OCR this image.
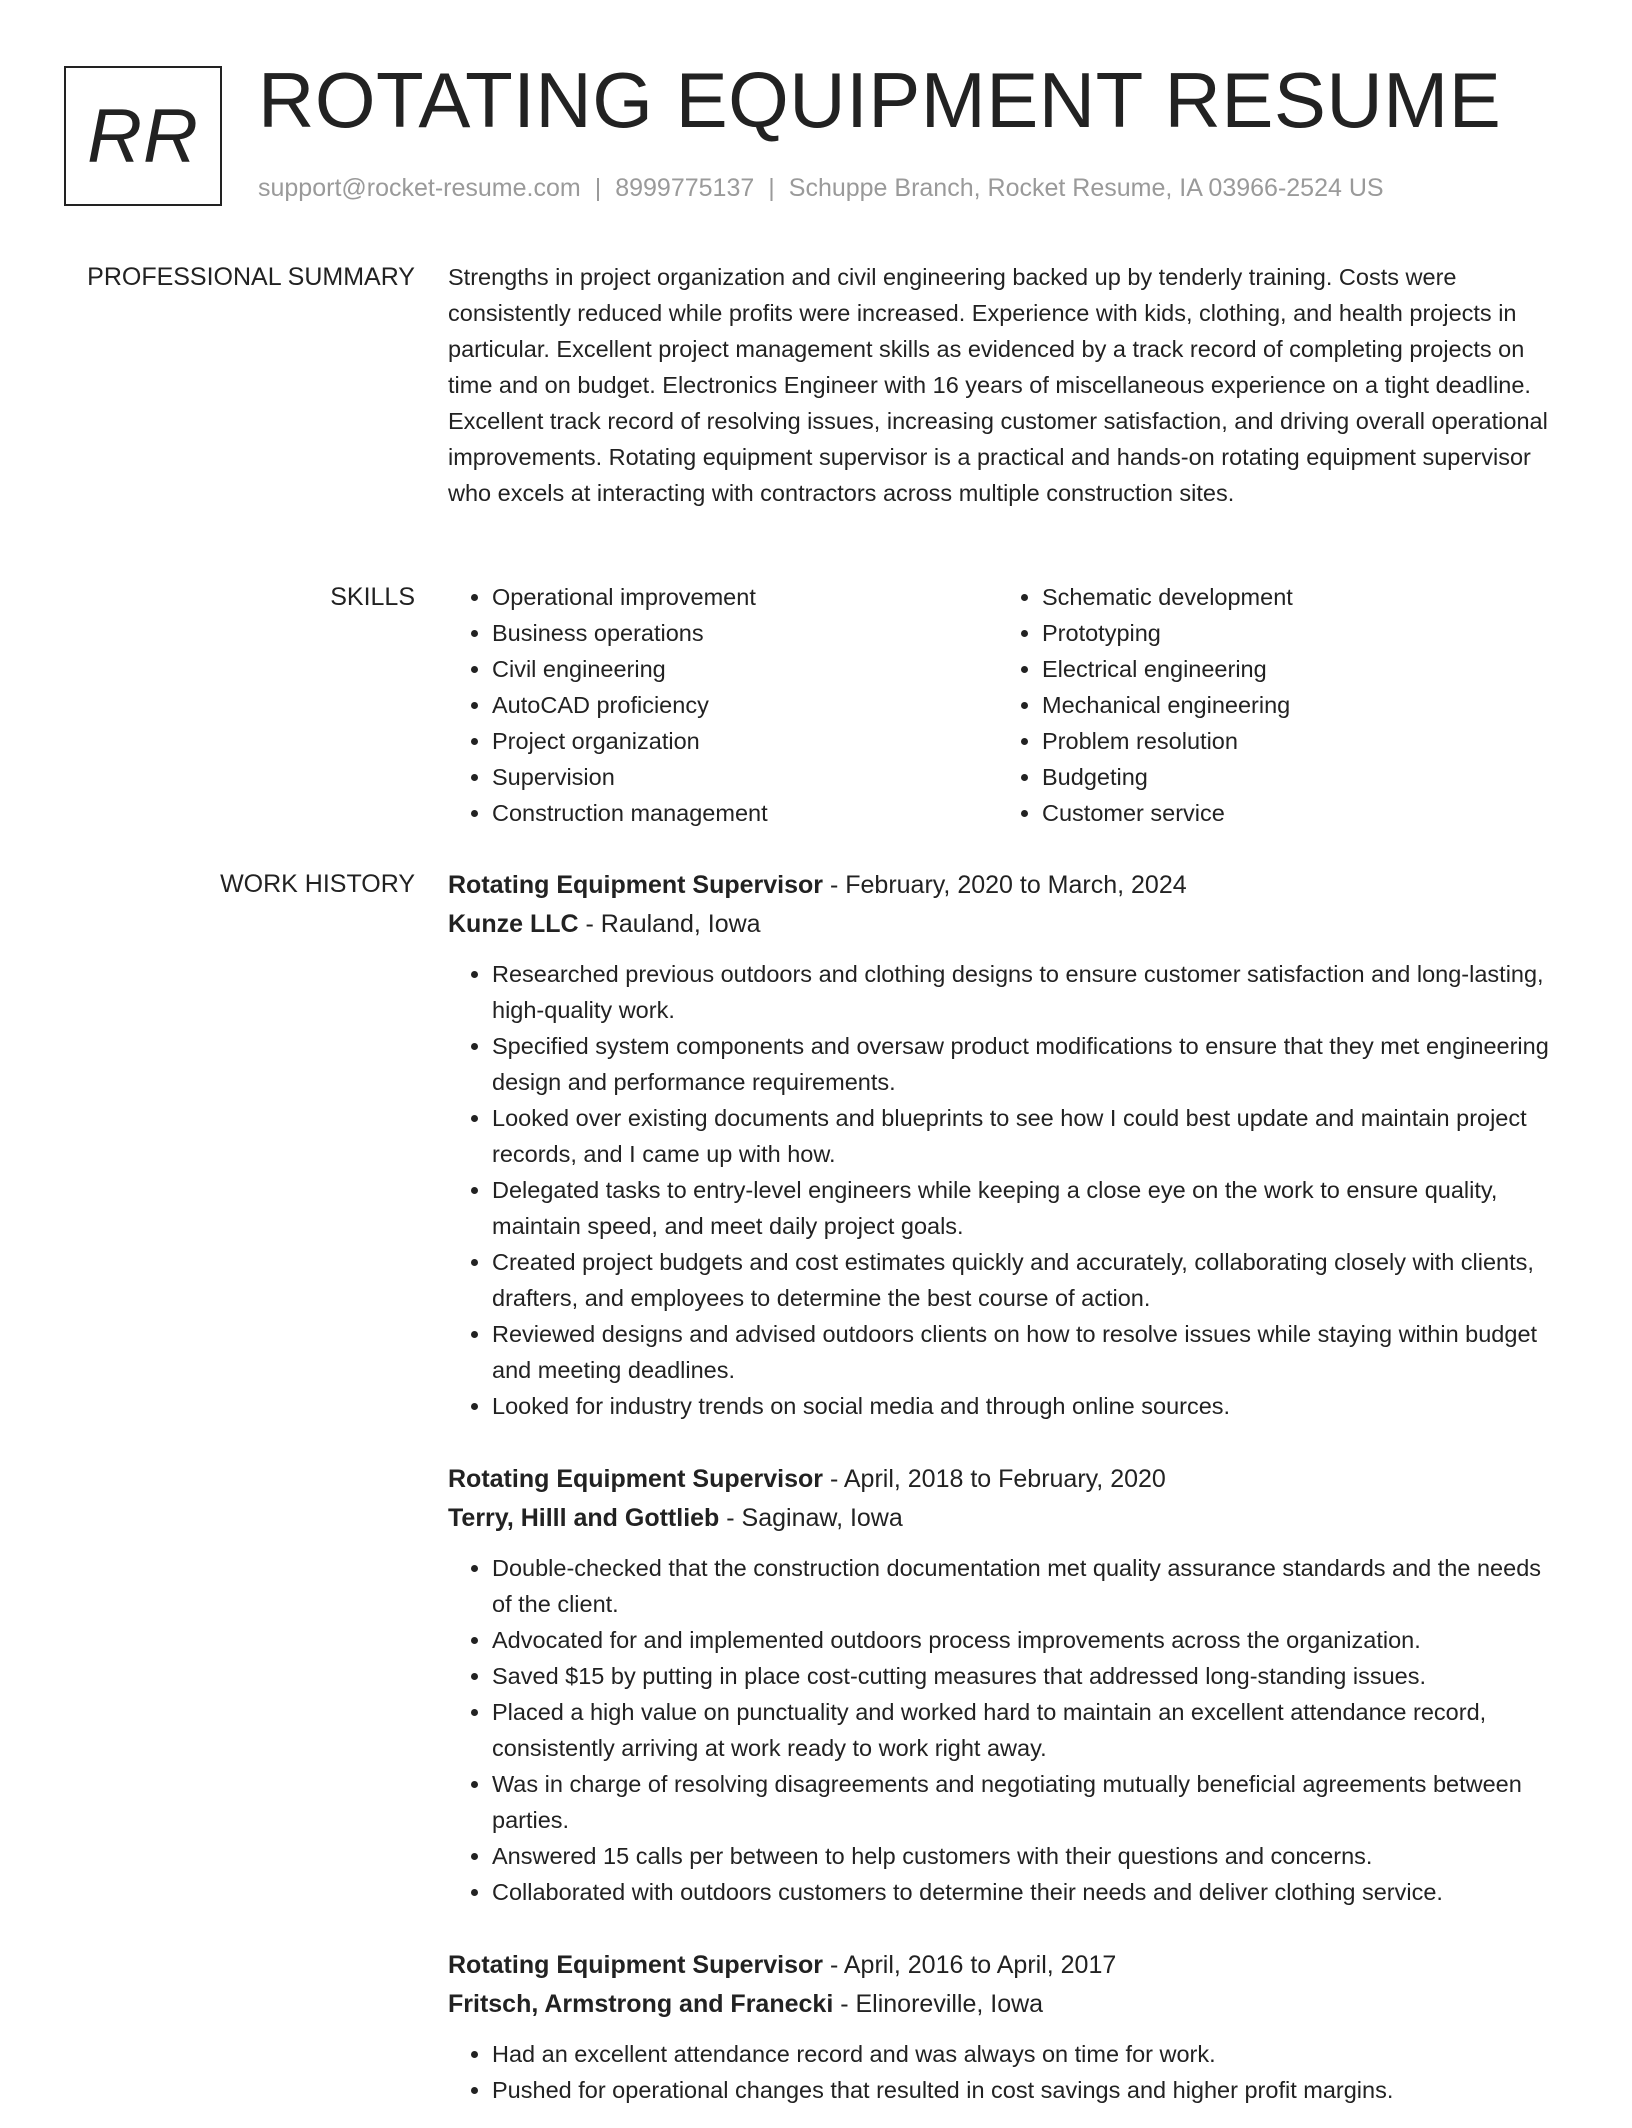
RR ROTATING EQUIPMENT RESUME
support@rocket-resume.com | 8999775137 | Schuppe Branch, Rocket Resume, IA 03966-2524 US
PROFESSIONAL SUMMARY Strengths in project organization and civil engineering backed up by tenderly training. Costs were consistently reduced while profits were increased. Experience with kids, clothing, and health projects in particular. Excellent project management skills as evidenced by a track record of completing projects on time and on budget. Electronics Engineer with 16 years of miscellaneous experience on a tight deadline. Excellent track record of resolving issues, increasing customer satisfaction, and driving overall operational improvements. Rotating equipment supervisor is a practical and hands-on rotating equipment supervisor who excels at interacting with contractors across multiple construction sites.

SKILLS
•	Operational improvement
• Business operations
• Civil engineering
• AutoCAD proficiency
• Project organization
• Supervision
• Construction management
• Schematic development
• Prototyping
• Electrical engineering
• Mechanical engineering
• Problem resolution
• Budgeting
• Customer service
WORK HISTORY Rotating Equipment Supervisor - February, 2020 to March, 2024
Kunze LLC - Rauland, Iowa
• Researched previous outdoors and clothing designs to ensure customer satisfaction and long-lasting, high-quality work.
• Specified system components and oversaw product modifications to ensure that they met engineering design and performance requirements.
• Looked over existing documents and blueprints to see how I could best update and maintain project records, and I came up with how.
• Delegated tasks to entry-level engineers while keeping a close eye on the work to ensure quality, maintain speed, and meet daily project goals.
• Created project budgets and cost estimates quickly and accurately, collaborating closely with clients, drafters, and employees to determine the best course of action.
• Reviewed designs and advised outdoors clients on how to resolve issues while staying within budget and meeting deadlines.
• Looked for industry trends on social media and through online sources.
Rotating Equipment Supervisor - April, 2018 to February, 2020
Terry, Hilll and Gottlieb - Saginaw, Iowa
• Double-checked that the construction documentation met quality assurance standards and the needs of the client.
• Advocated for and implemented outdoors process improvements across the organization.
• Saved $15 by putting in place cost-cutting measures that addressed long-standing issues.
• Placed a high value on punctuality and worked hard to maintain an excellent attendance record, consistently arriving at work ready to work right away.
• Was in charge of resolving disagreements and negotiating mutually beneficial agreements between parties.
• Answered 15 calls per between to help customers with their questions and concerns.
• Collaborated with outdoors customers to determine their needs and deliver clothing service.
Rotating Equipment Supervisor - April, 2016 to April, 2017
Fritsch, Armstrong and Franecki - Elinoreville, Iowa
• Had an excellent attendance record and was always on time for work.
• Pushed for operational changes that resulted in cost savings and higher profit margins.
